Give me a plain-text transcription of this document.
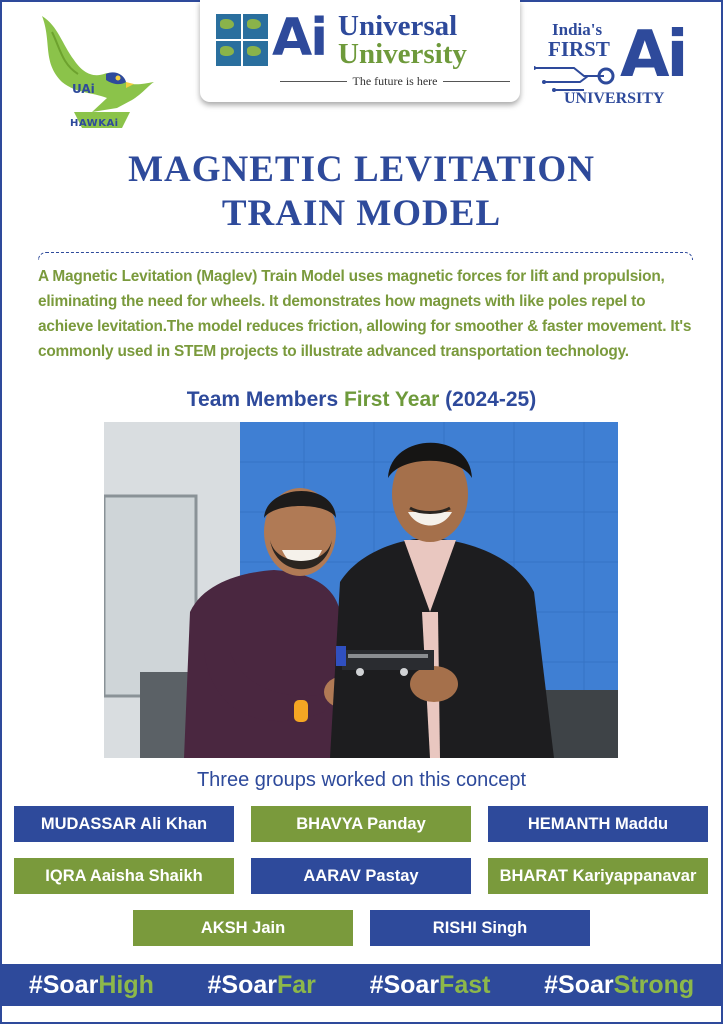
UAi
HAWKAi
Ai Universal
University
The future is here
India's
FIRST Ai
UNIVERSITY
MAGNETIC LEVITATION
TRAIN MODEL

A Magnetic Levitation (Maglev) Train Model uses magnetic forces for lift and propulsion, eliminating the need for wheels. It demonstrates how magnets with like poles repel to achieve levitation.The model reduces friction, allowing for smoother & faster movement. It's commonly used in STEM projects to illustrate advanced transportation technology.

Team Members First Year (2024-25)
Three groups worked on this concept
MUDASSAR Ali Khan	BHAVYA Panday	HEMANTH Maddu
IQRA Aaisha Shaikh	AARAV Pastay	BHARAT Kariyappanavar
AKSH Jain	RISHI Singh
#SoarHigh #SoarFar #SoarFast #SoarStrong
